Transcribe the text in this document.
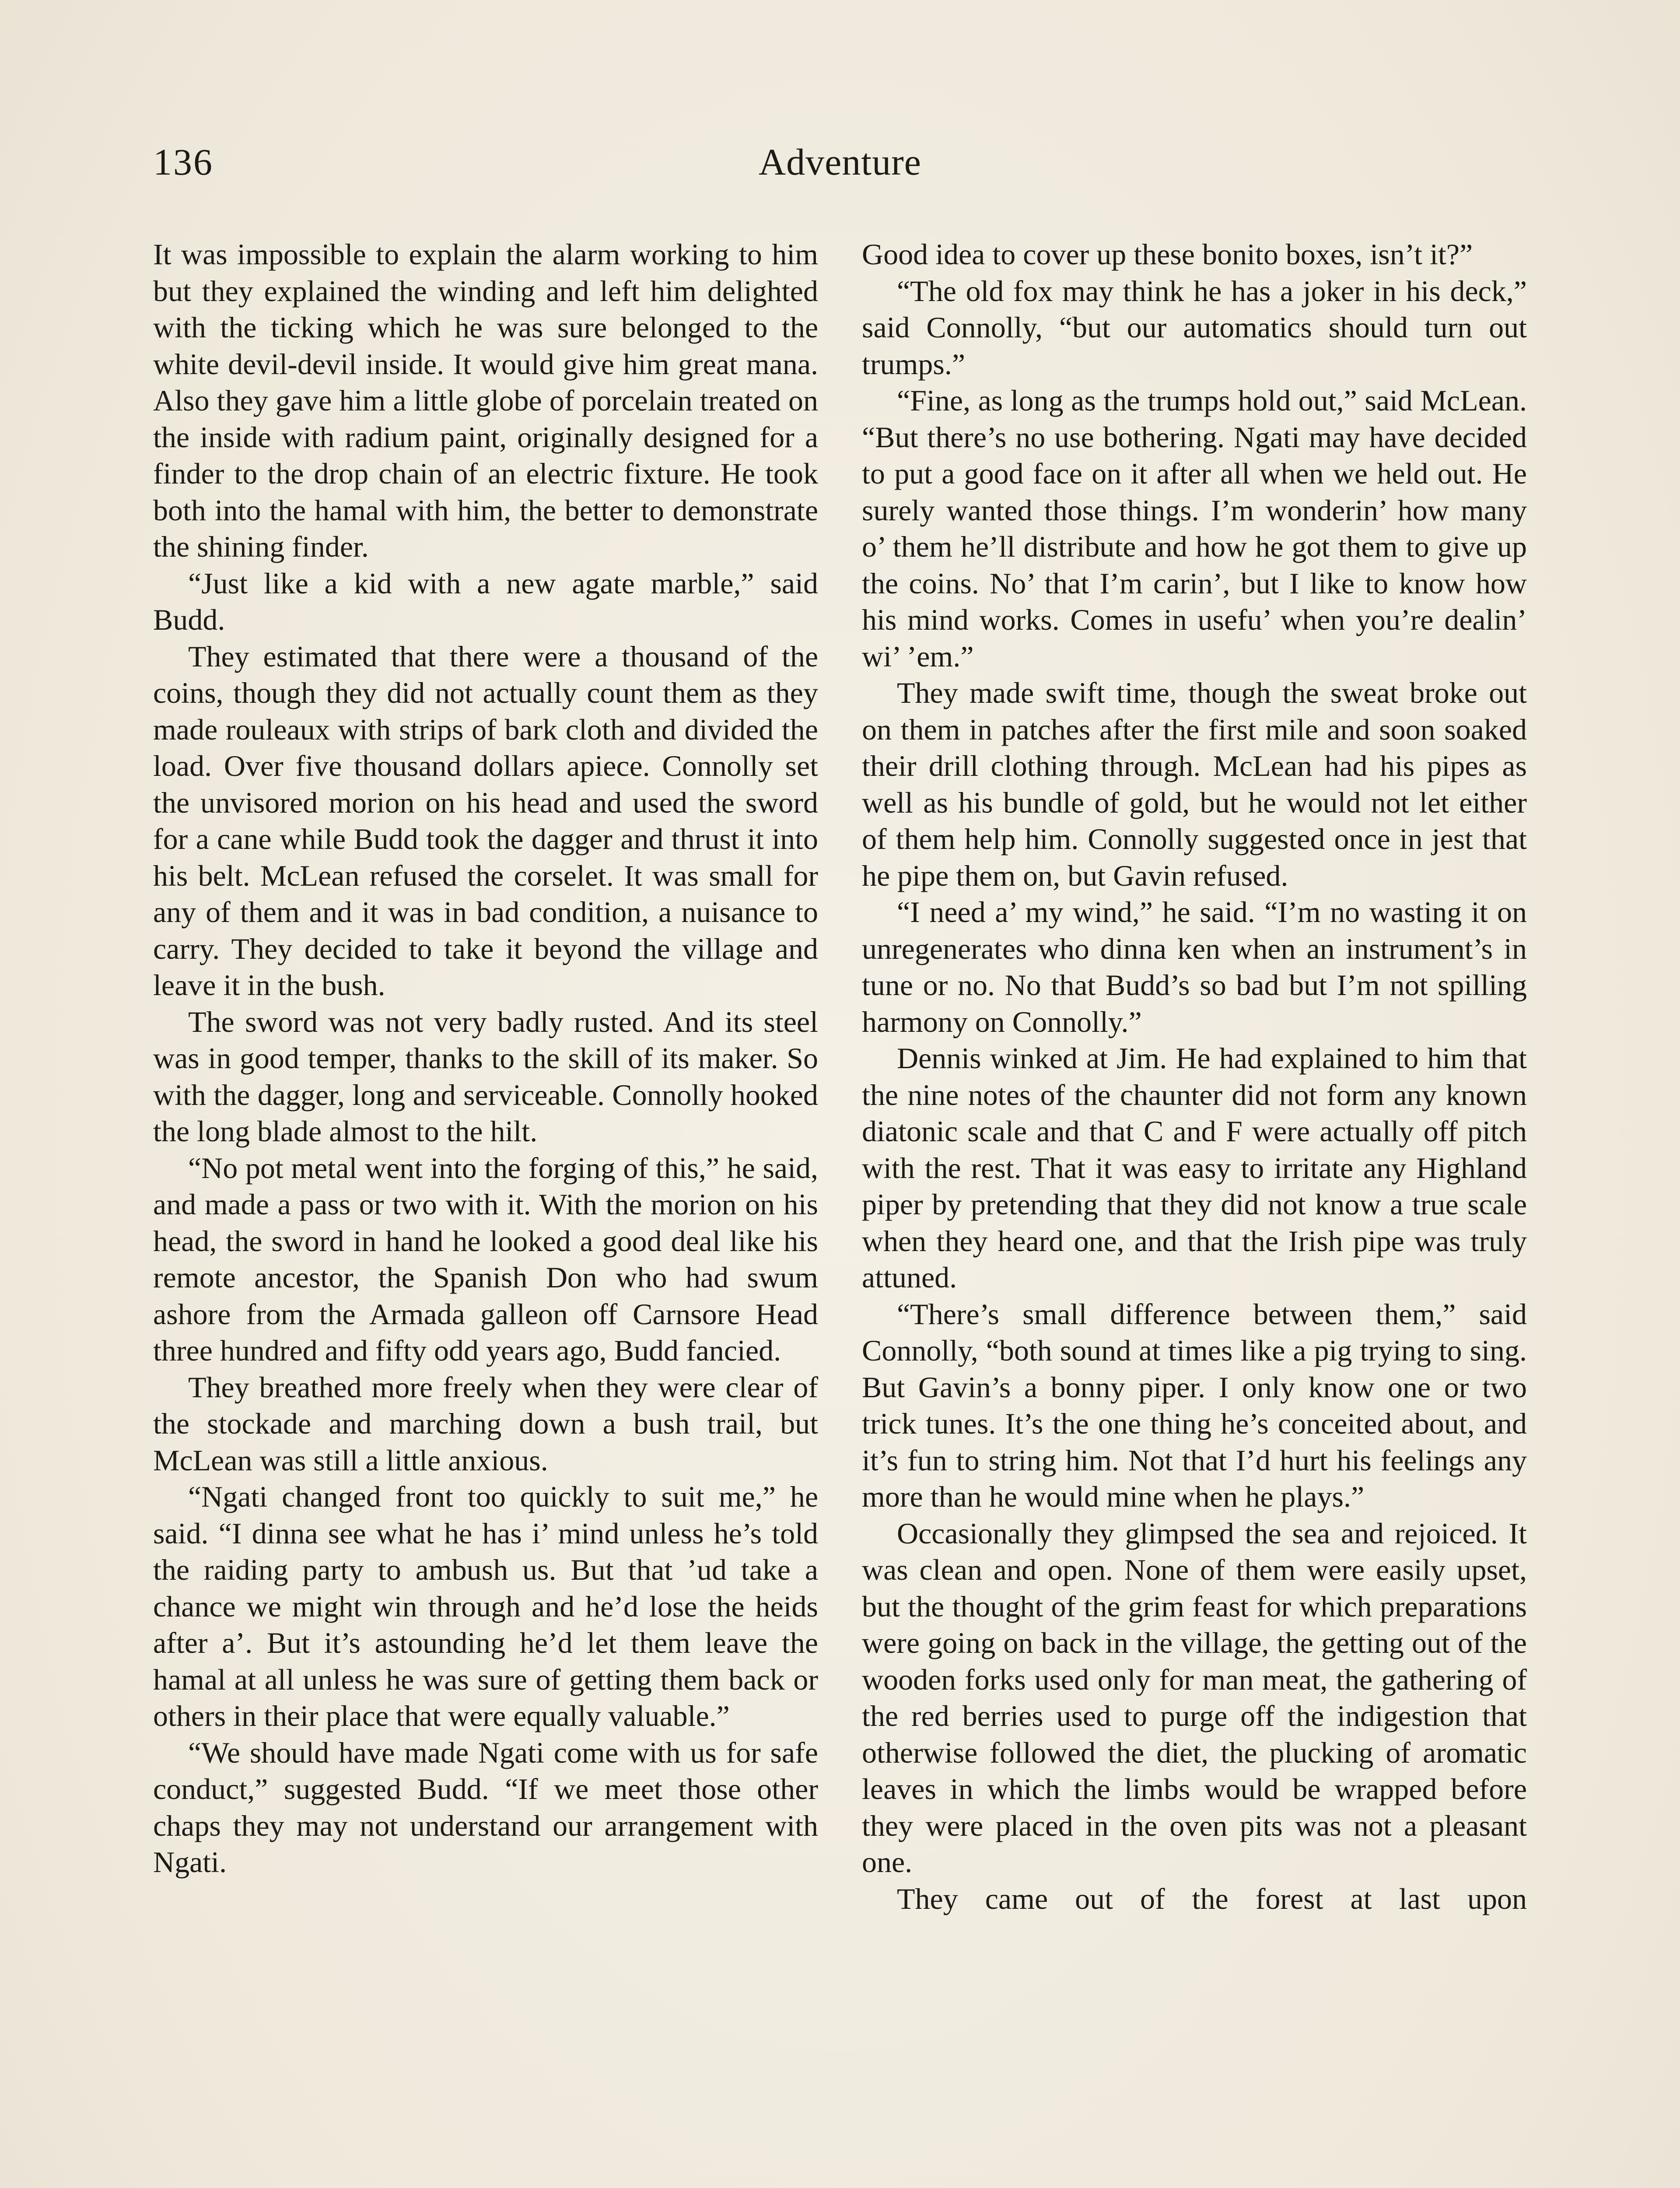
136	Adventure

It was impossible to explain the alarm working to him but they explained the winding and left him delighted with the ticking which he was sure belonged to the white devil-devil inside. It would give him great mana. Also they gave him a little globe of porcelain treated on the inside with radium paint, originally designed for a finder to the drop chain of an electric fixture. He took both into the hamal with him, the better to demonstrate the shining finder.

“Just like a kid with a new agate marble,” said Budd.

They estimated that there were a thousand of the coins, though they did not actually count them as they made rouleaux with strips of bark cloth and divided the load. Over five thousand dollars apiece. Connolly set the unvisored morion on his head and used the sword for a cane while Budd took the dagger and thrust it into his belt. McLean refused the corselet. It was small for any of them and it was in bad condition, a nuisance to carry. They decided to take it beyond the village and leave it in the bush.

The sword was not very badly rusted. And its steel was in good temper, thanks to the skill of its maker. So with the dagger, long and serviceable. Connolly hooked the long blade almost to the hilt.

“No pot metal went into the forging of this,” he said, and made a pass or two with it. With the morion on his head, the sword in hand he looked a good deal like his remote ancestor, the Spanish Don who had swum ashore from the Armada galleon off Carnsore Head three hundred and fifty odd years ago, Budd fancied.

They breathed more freely when they were clear of the stockade and marching down a bush trail, but McLean was still a little anxious.

“Ngati changed front too quickly to suit me,” he said. “I dinna see what he has i’ mind unless he’s told the raiding party to ambush us. But that ’ud take a chance we might win through and he’d lose the heids after a’. But it’s astounding he’d let them leave the hamal at all unless he was sure of getting them back or others in their place that were equally valuable.”

“We should have made Ngati come with us for safe conduct,” suggested Budd. “If we meet those other chaps they may not understand our arrangement with Ngati.

Good idea to cover up these bonito boxes, isn’t it?”

“The old fox may think he has a joker in his deck,” said Connolly, “but our automatics should turn out trumps.”

“Fine, as long as the trumps hold out,” said McLean. “But there’s no use bothering. Ngati may have decided to put a good face on it after all when we held out. He surely wanted those things. I’m wonderin’ how many o’ them he’ll distribute and how he got them to give up the coins. No’ that I’m carin’, but I like to know how his mind works. Comes in usefu’ when you’re dealin’ wi’ ’em.”

They made swift time, though the sweat broke out on them in patches after the first mile and soon soaked their drill clothing through. McLean had his pipes as well as his bundle of gold, but he would not let either of them help him. Connolly suggested once in jest that he pipe them on, but Gavin refused.

“I need a’ my wind,” he said. “I’m no wasting it on unregenerates who dinna ken when an instrument’s in tune or no. No that Budd’s so bad but I’m not spilling harmony on Connolly.”

Dennis winked at Jim. He had explained to him that the nine notes of the chaunter did not form any known diatonic scale and that C and F were actually off pitch with the rest. That it was easy to irritate any Highland piper by pretending that they did not know a true scale when they heard one, and that the Irish pipe was truly attuned.

“There’s small difference between them,” said Connolly, “both sound at times like a pig trying to sing. But Gavin’s a bonny piper. I only know one or two trick tunes. It’s the one thing he’s conceited about, and it’s fun to string him. Not that I’d hurt his feelings any more than he would mine when he plays.”

Occasionally they glimpsed the sea and rejoiced. It was clean and open. None of them were easily upset, but the thought of the grim feast for which preparations were going on back in the village, the getting out of the wooden forks used only for man meat, the gathering of the red berries used to purge off the indigestion that otherwise followed the diet, the plucking of aromatic leaves in which the limbs would be wrapped before they were placed in the oven pits was not a pleasant one.

They came out of the forest at last upon
